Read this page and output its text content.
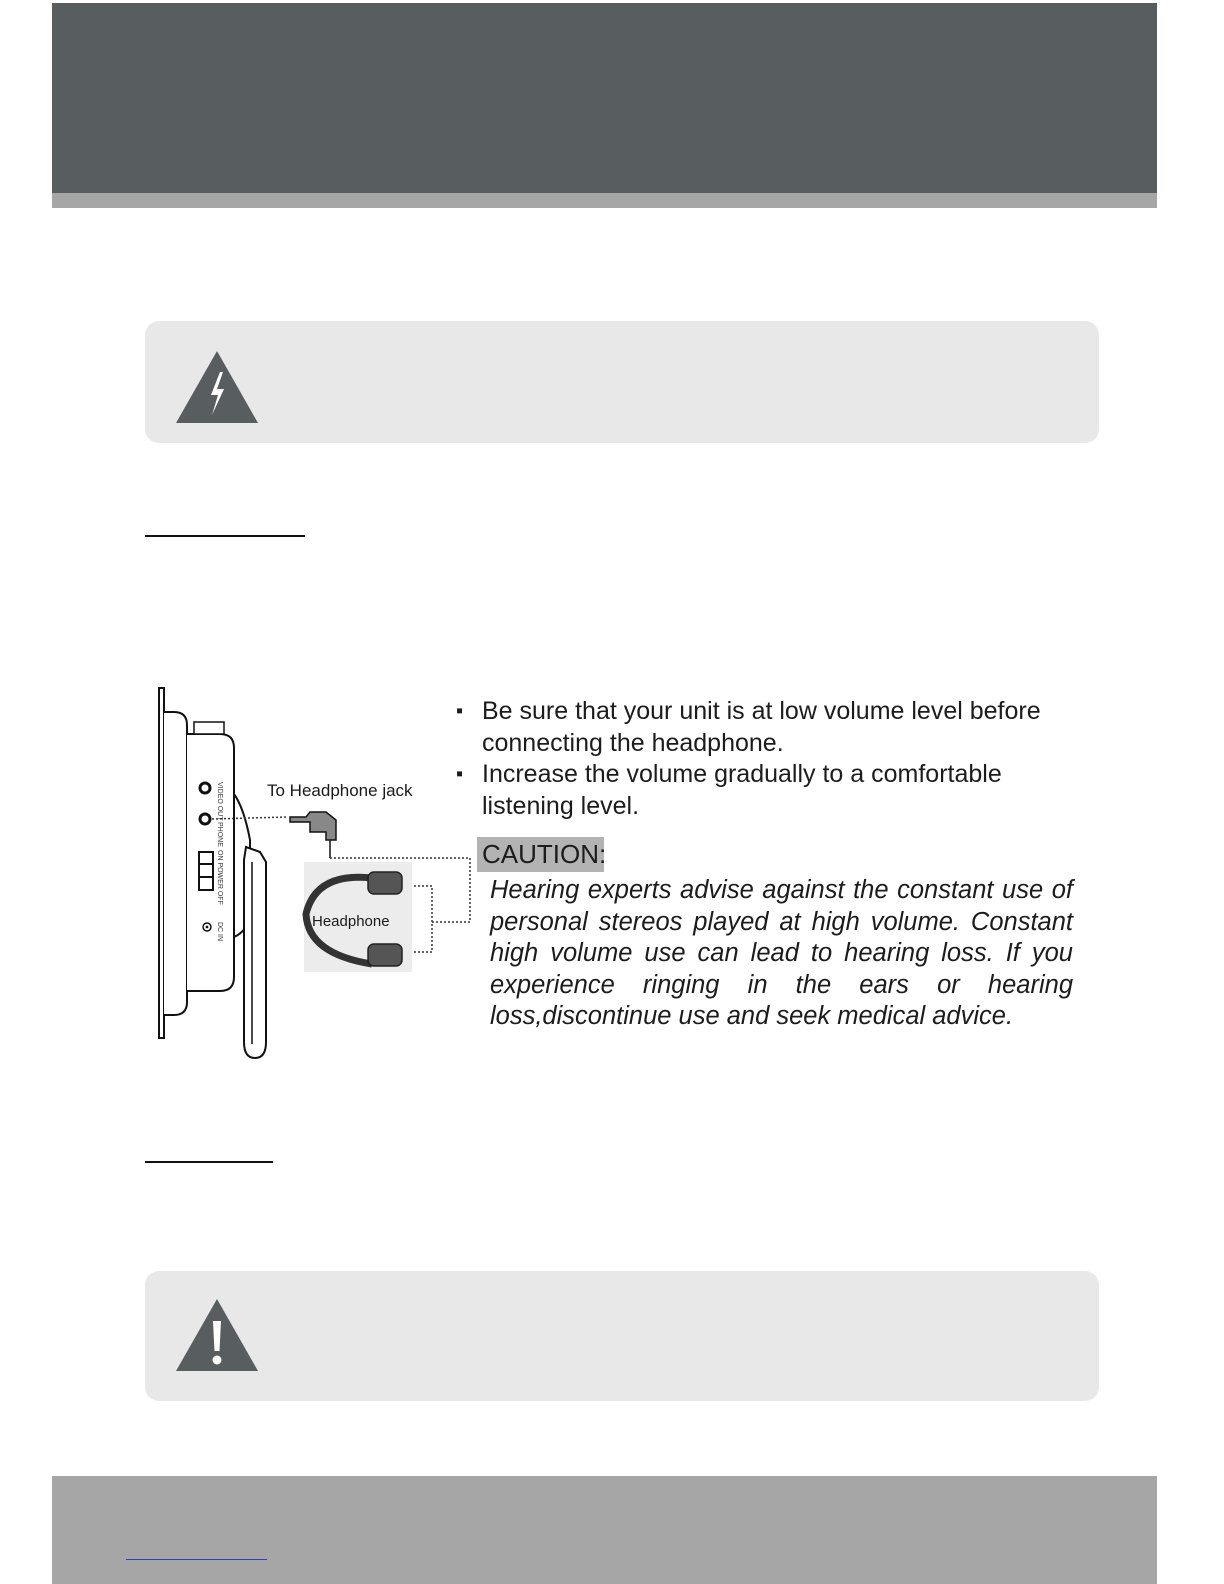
VIDEO OUT
PHONE
ON POWER OFF
DC IN
Headphone
To Headphone jack
▪ Be sure that your unit is at low volume level before connecting the headphone.
▪ Increase the volume gradually to a comfortable listening level.
CAUTION:

Hearing experts advise against the constant use of personal stereos played at high volume. Constant high volume use can lead to hearing loss. If you experience ringing in the ears or hearing loss,discontinue use and seek medical advice.
